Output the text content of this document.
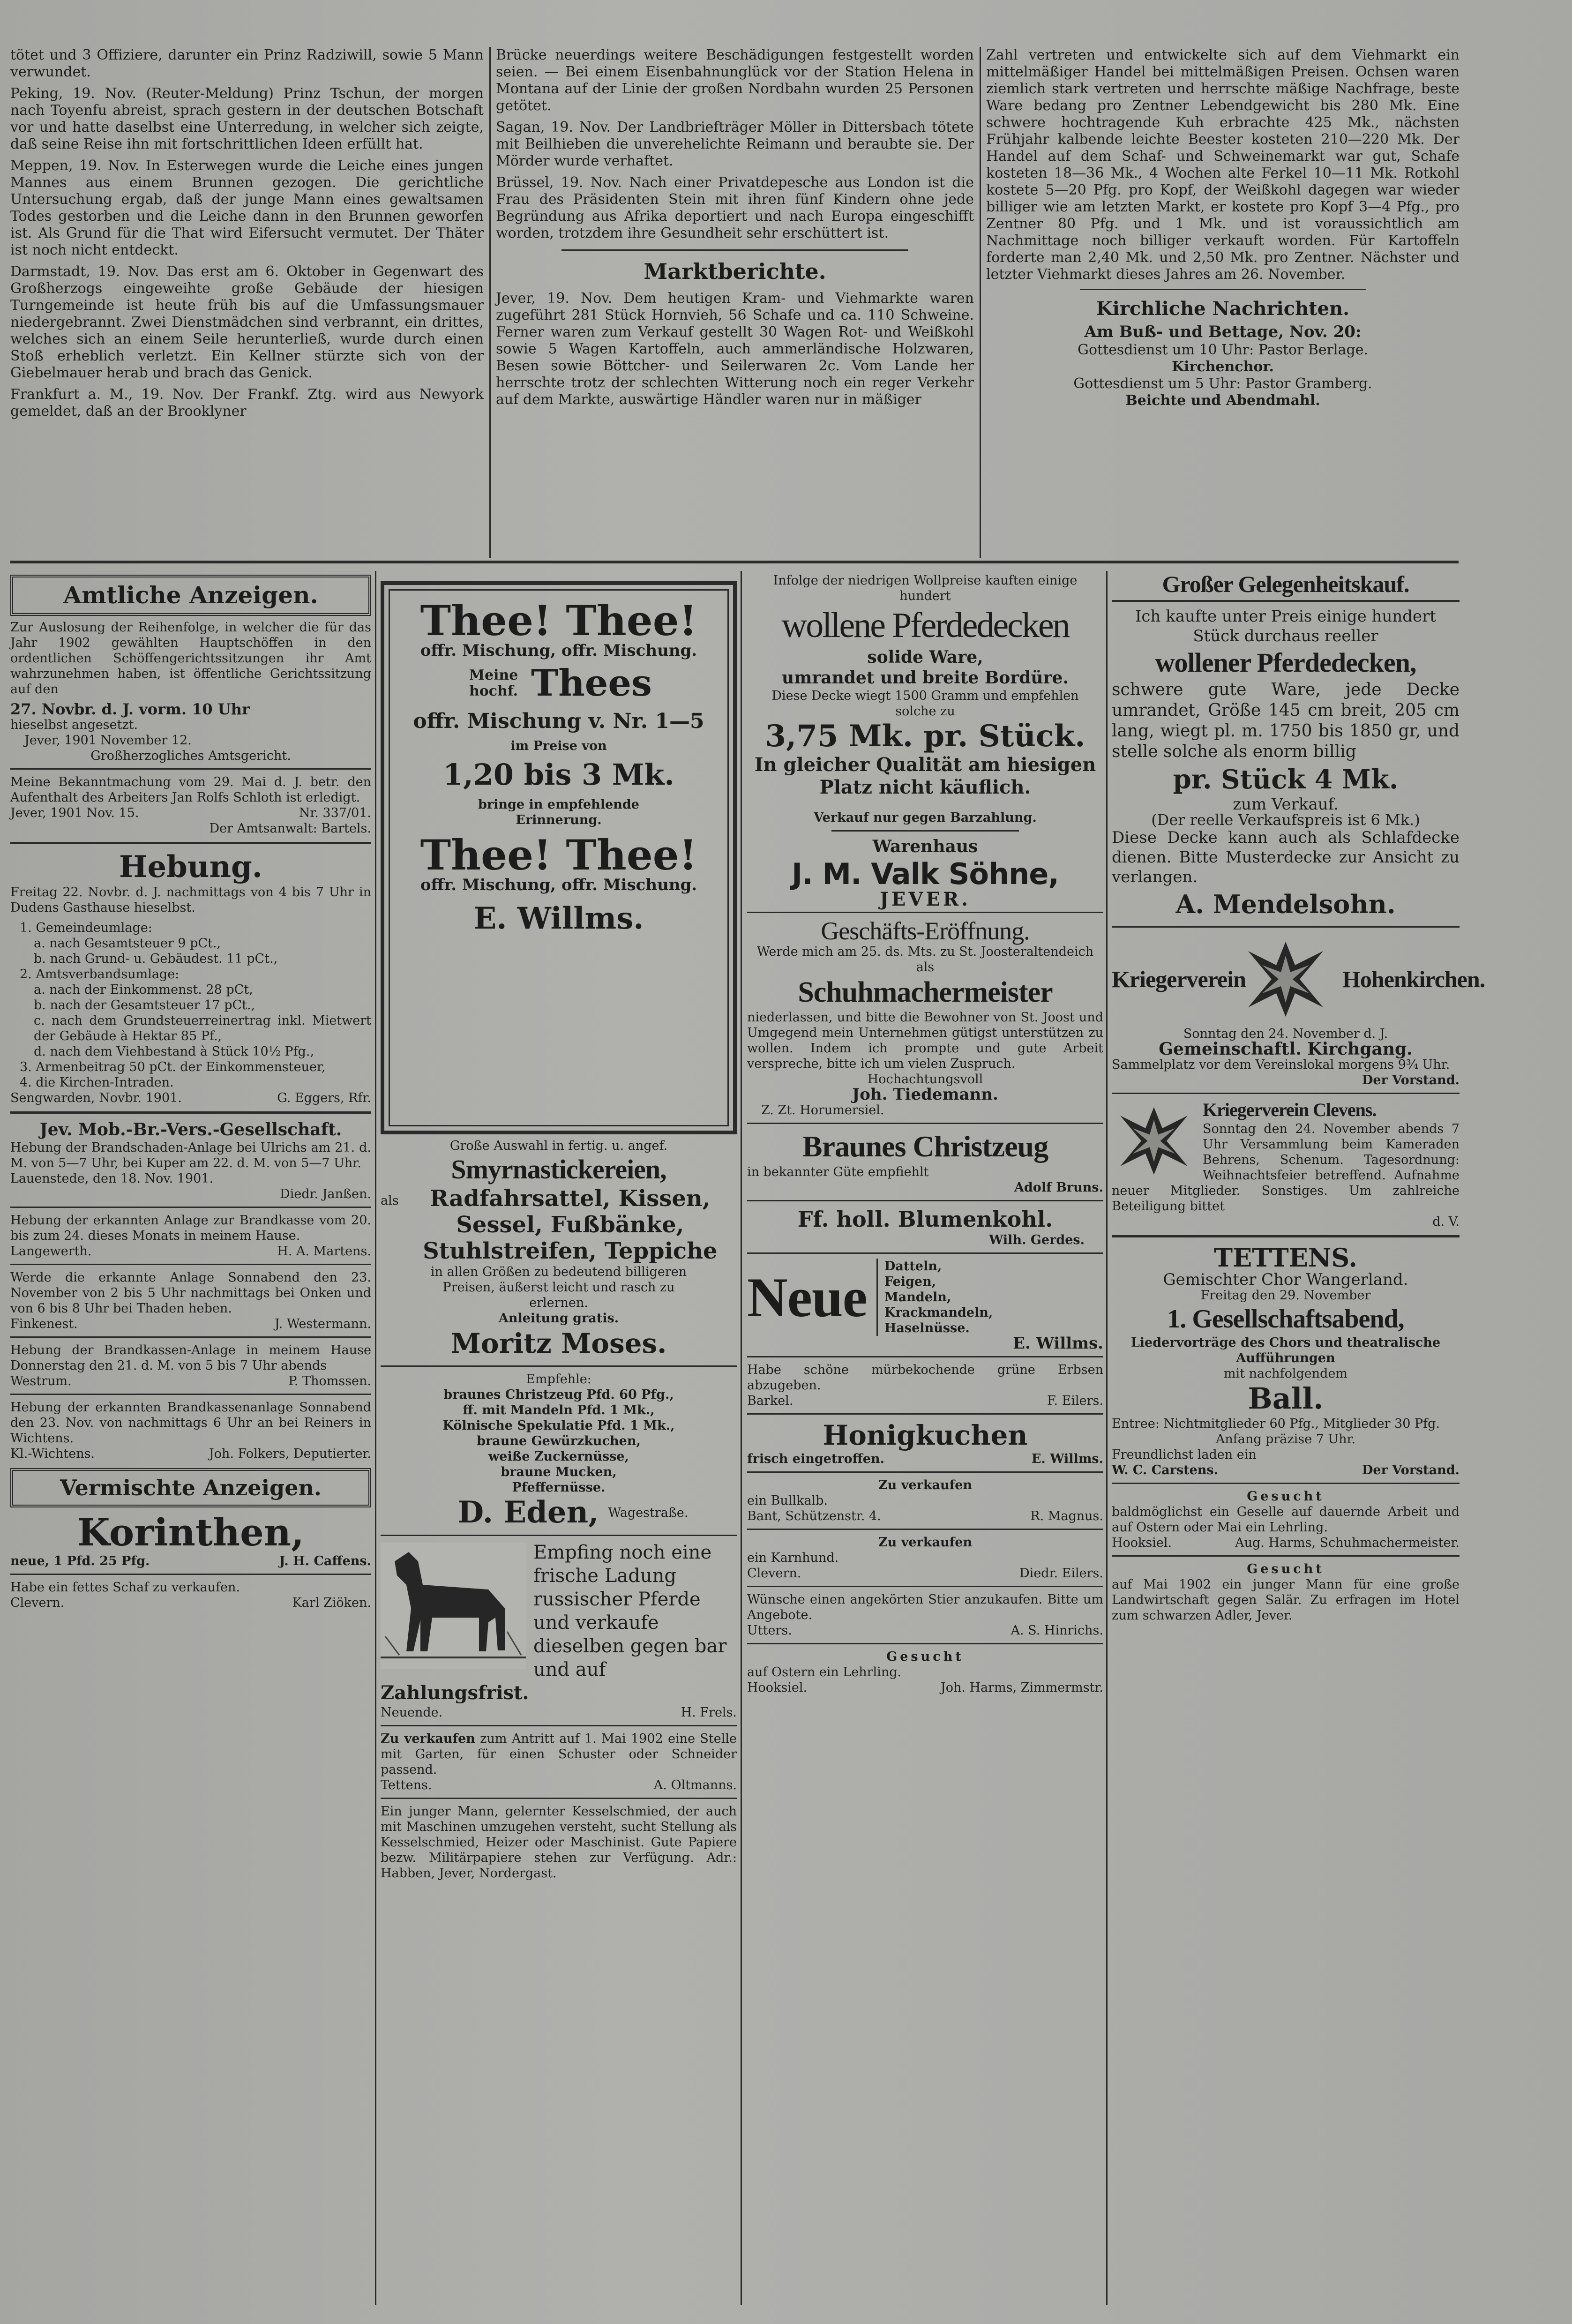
tötet und 3 Offiziere, darunter ein Prinz Radziwill, sowie 5 Mann verwundet.

Peking, 19. Nov. (Reuter-Meldung) Prinz Tschun, der morgen nach Toyenfu abreist, sprach gestern in der deutschen Botschaft vor und hatte daselbst eine Unterredung, in welcher sich zeigte, daß seine Reise ihn mit fortschrittlichen Ideen erfüllt hat.

Meppen, 19. Nov. In Esterwegen wurde die Leiche eines jungen Mannes aus einem Brunnen gezogen. Die gerichtliche Untersuchung ergab, daß der junge Mann eines gewaltsamen Todes gestorben und die Leiche dann in den Brunnen geworfen ist. Als Grund für die That wird Eifersucht vermutet. Der Thäter ist noch nicht entdeckt.

Darmstadt, 19. Nov. Das erst am 6. Oktober in Gegenwart des Großherzogs eingeweihte große Gebäude der hiesigen Turngemeinde ist heute früh bis auf die Umfassungsmauer niedergebrannt. Zwei Dienstmädchen sind verbrannt, ein drittes, welches sich an einem Seile herunterließ, wurde durch einen Stoß erheblich verletzt. Ein Kellner stürzte sich von der Giebelmauer herab und brach das Genick.

Frankfurt a. M., 19. Nov. Der Frankf. Ztg. wird aus Newyork gemeldet, daß an der Brooklyner

Brücke neuerdings weitere Beschädigungen festgestellt worden seien. — Bei einem Eisenbahnunglück vor der Station Helena in Montana auf der Linie der großen Nordbahn wurden 25 Personen getötet.

Sagan, 19. Nov. Der Landbriefträger Möller in Dittersbach tötete mit Beilhieben die unverehelichte Reimann und beraubte sie. Der Mörder wurde verhaftet.

Brüssel, 19. Nov. Nach einer Privatdepesche aus London ist die Frau des Präsidenten Stein mit ihren fünf Kindern ohne jede Begründung aus Afrika deportiert und nach Europa eingeschifft worden, trotzdem ihre Gesundheit sehr erschüttert ist.

Marktberichte.

Jever, 19. Nov. Dem heutigen Kram- und Viehmarkte waren zugeführt 281 Stück Hornvieh, 56 Schafe und ca. 110 Schweine. Ferner waren zum Verkauf gestellt 30 Wagen Rot- und Weißkohl sowie 5 Wagen Kartoffeln, auch ammerländische Holzwaren, Besen sowie Böttcher- und Seilerwaren 2c. Vom Lande her herrschte trotz der schlechten Witterung noch ein reger Verkehr auf dem Markte, auswärtige Händler waren nur in mäßiger

Zahl vertreten und entwickelte sich auf dem Viehmarkt ein mittelmäßiger Handel bei mittelmäßigen Preisen. Ochsen waren ziemlich stark vertreten und herrschte mäßige Nachfrage, beste Ware bedang pro Zentner Lebendgewicht bis 280 Mk. Eine schwere hochtragende Kuh erbrachte 425 Mk., nächsten Frühjahr kalbende leichte Beester kosteten 210—220 Mk. Der Handel auf dem Schaf- und Schweinemarkt war gut, Schafe kosteten 18—36 Mk., 4 Wochen alte Ferkel 10—11 Mk. Rotkohl kostete 5—20 Pfg. pro Kopf, der Weißkohl dagegen war wieder billiger wie am letzten Markt, er kostete pro Kopf 3—4 Pfg., pro Zentner 80 Pfg. und 1 Mk. und ist voraussichtlich am Nachmittage noch billiger verkauft worden. Für Kartoffeln forderte man 2,40 Mk. und 2,50 Mk. pro Zentner. Nächster und letzter Viehmarkt dieses Jahres am 26. November.

Kirchliche Nachrichten.
Am Buß- und Bettage, Nov. 20:
Gottesdienst um 10 Uhr: Pastor Berlage.
Kirchenchor.
Gottesdienst um 5 Uhr: Pastor Gramberg.
Beichte und Abendmahl.
Amtliche Anzeigen.

Zur Auslosung der Reihenfolge, in welcher die für das Jahr 1902 gewählten Hauptschöffen in den ordentlichen Schöffengerichtssitzungen ihr Amt wahrzunehmen haben, ist öffentliche Gerichtssitzung auf den

27. Novbr. d. J. vorm. 10 Uhr
hieselbst angesetzt.
Jever, 1901 November 12.
Großherzogliches Amtsgericht.

Meine Bekanntmachung vom 29. Mai d. J. betr. den Aufenthalt des Arbeiters Jan Rolfs Schloth ist erledigt.

Jever, 1901 Nov. 15.	Nr. 337/01.
Der Amtsanwalt: Bartels.
Hebung.

Freitag 22. Novbr. d. J. nachmittags von 4 bis 7 Uhr in Dudens Gasthause hieselbst.

1. Gemeindeumlage:
a. nach Gesamtsteuer 9 pCt.,
b. nach Grund- u. Gebäudest. 11 pCt.,
2. Amtsverbandsumlage:
a. nach der Einkommenst. 28 pCt,
b. nach der Gesamtsteuer 17 pCt.,
c. nach dem Grundsteuerreinertrag inkl. Mietwert der Gebäude à Hektar 85 Pf.,
d. nach dem Viehbestand à Stück 10½ Pfg.,
3. Armenbeitrag 50 pCt. der Einkommensteuer,
4. die Kirchen-Intraden.
Sengwarden, Novbr. 1901.	G. Eggers, Rfr.
Jev. Mob.-Br.-Vers.-Gesellschaft.

Hebung der Brandschaden-Anlage bei Ulrichs am 21. d. M. von 5—7 Uhr, bei Kuper am 22. d. M. von 5—7 Uhr.

Lauenstede, den 18. Nov. 1901.
Diedr. Janßen.

Hebung der erkannten Anlage zur Brandkasse vom 20. bis zum 24. dieses Monats in meinem Hause.

Langewerth.	H. A. Martens.

Werde die erkannte Anlage Sonnabend den 23. November von 2 bis 5 Uhr nachmittags bei Onken und von 6 bis 8 Uhr bei Thaden heben.

Finkenest.	J. Westermann.

Hebung der Brandkassen-Anlage in meinem Hause Donnerstag den 21. d. M. von 5 bis 7 Uhr abends

Westrum.	P. Thomssen.

Hebung der erkannten Brandkassenanlage Sonnabend den 23. Nov. von nachmittags 6 Uhr an bei Reiners in Wichtens.

Kl.-Wichtens.	Joh. Folkers, Deputierter.
Vermischte Anzeigen.
Korinthen,
neue, 1 Pfd. 25 Pfg.	J. H. Caffens.
Habe ein fettes Schaf zu verkaufen.
Clevern.	Karl Ziöken.
Thee! Thee!
offr. Mischung, offr. Mischung.
Meine hochf. Thees
offr. Mischung v. Nr. 1—5
im Preise von
1,20 bis 3 Mk.
bringe in empfehlende Erinnerung.
Thee! Thee!
offr. Mischung, offr. Mischung.
E. Willms.
Große Auswahl in fertig. u. angef.
Smyrnastickereien,
als	Radfahrsattel, Kissen,
Sessel, Fußbänke,
Stuhlstreifen, Teppiche
in allen Größen zu bedeutend billigeren Preisen, äußerst leicht und rasch zu erlernen.
Anleitung gratis.
Moritz Moses.
Empfehle:
braunes Christzeug Pfd. 60 Pfg.,
ff. mit Mandeln Pfd. 1 Mk.,
Kölnische Spekulatie Pfd. 1 Mk.,
braune Gewürzkuchen,
weiße Zuckernüsse,
braune Mucken,
Pfeffernüsse.
D. Eden, Wagestraße.
Empfing noch eine frische Ladung russischer Pferde und verkaufe dieselben gegen bar und auf
Zahlungsfrist.
Neuende.	H. Frels.
Zu verkaufen zum Antritt auf 1. Mai 1902 eine Stelle mit Garten, für einen Schuster oder Schneider passend.
Tettens.	A. Oltmanns.

Ein junger Mann, gelernter Kesselschmied, der auch mit Maschinen umzugehen versteht, sucht Stellung als Kesselschmied, Heizer oder Maschinist. Gute Papiere bezw. Militärpapiere stehen zur Verfügung. Adr.: Habben, Jever, Nordergast.

Infolge der niedrigen Wollpreise kauften einige hundert
wollene Pferdedecken
solide Ware,
umrandet und breite Bordüre.
Diese Decke wiegt 1500 Gramm und empfehlen solche zu
3,75 Mk. pr. Stück.
In gleicher Qualität am hiesigen Platz nicht käuflich.
Verkauf nur gegen Barzahlung.
Warenhaus
J. M. Valk Söhne,
JEVER.
Geschäfts-Eröffnung.
Werde mich am 25. ds. Mts. zu St. Joosteraltendeich als
Schuhmachermeister

niederlassen, und bitte die Bewohner von St. Joost und Umgegend mein Unternehmen gütigst unterstützen zu wollen. Indem ich prompte und gute Arbeit verspreche, bitte ich um vielen Zuspruch.

Hochachtungsvoll
Joh. Tiedemann.
Z. Zt. Horumersiel.
Braunes Christzeug
in bekannter Güte empfiehlt
Adolf Bruns.
Ff. holl. Blumenkohl.
Wilh. Gerdes.
Neue Datteln,
Feigen,
Mandeln,
Krackmandeln,
Haselnüsse.
E. Willms.
Habe schöne mürbekochende grüne Erbsen abzugeben.
Barkel.	F. Eilers.
Honigkuchen
frisch eingetroffen.	E. Willms.
Zu verkaufen
ein Bullkalb.
Bant, Schützenstr. 4.	R. Magnus.
Zu verkaufen
ein Karnhund.
Clevern.	Diedr. Eilers.
Wünsche einen angekörten Stier anzukaufen. Bitte um Angebote.
Utters.	A. S. Hinrichs.
Gesucht
auf Ostern ein Lehrling.
Hooksiel.	Joh. Harms, Zimmermstr.
Großer Gelegenheitskauf.
Ich kaufte unter Preis einige hundert Stück durchaus reeller
wollener Pferdedecken,
schwere gute Ware, jede Decke umrandet, Größe 145 cm breit, 205 cm lang, wiegt pl. m. 1750 bis 1850 gr, und stelle solche als enorm billig
pr. Stück 4 Mk.
zum Verkauf.
(Der reelle Verkaufspreis ist 6 Mk.)
Diese Decke kann auch als Schlafdecke dienen. Bitte Musterdecke zur Ansicht zu verlangen.
A. Mendelsohn.
Kriegerverein	Hohenkirchen.
Sonntag den 24. November d. J.
Gemeinschaftl. Kirchgang.
Sammelplatz vor dem Vereinslokal morgens 9¾ Uhr.
Der Vorstand.
Kriegerverein Clevens.
Sonntag den 24. November abends 7 Uhr Versammlung beim Kameraden Behrens, Schenum. Tagesordnung: Weihnachtsfeier betreffend. Aufnahme neuer Mitglieder. Sonstiges. Um zahlreiche Beteiligung bittet
d. V.
TETTENS.
Gemischter Chor Wangerland.
Freitag den 29. November
1. Gesellschaftsabend,
Liedervorträge des Chors und theatralische Aufführungen
mit nachfolgendem
Ball.
Entree: Nichtmitglieder 60 Pfg., Mitglieder 30 Pfg.
Anfang präzise 7 Uhr.
Freundlichst laden ein
W. C. Carstens.	Der Vorstand.
Gesucht
baldmöglichst ein Geselle auf dauernde Arbeit und auf Ostern oder Mai ein Lehrling.
Hooksiel.	Aug. Harms, Schuhmachermeister.
Gesucht
auf Mai 1902 ein junger Mann für eine große Landwirtschaft gegen Salär. Zu erfragen im Hotel zum schwarzen Adler, Jever.
